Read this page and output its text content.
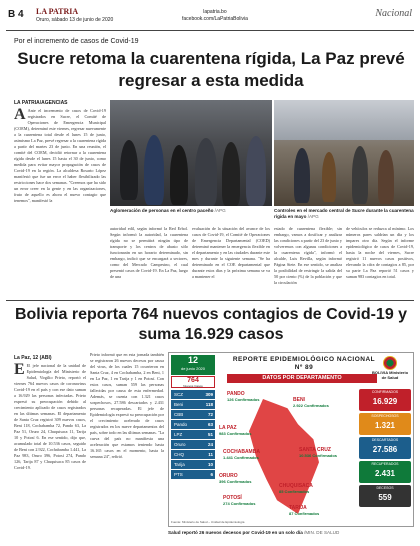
B 4 LA PATRIA
Oruro, sábado 13 de junio de 2020
lapatria.bo
facebook.com/LaPatriaBolivia	Nacional
Por el incremento de casos de Covid-19
Sucre retoma la cuarentena rígida, La Paz prevé regresar a esta medida
LA PATRIA/AGENCIAS
A Ante el incremento de casos de Covid-19 registrados en Sucre, el Comité de Operaciones de Emergencia Municipal (COEM), determinó este viernes, regresar nuevamente a la cuarentena total desde el lunes 15 de junio, asimismo La Paz, prevé regresar a la cuarentena rígida a partir del martes 23 de junio. En una reunión, el comité del COEM, decidió retornar a la cuarentena rígida desde el lunes 15 hasta el 30 de junio, como medida para evitar mayor propagación de casos de Covid-19 en la región. La alcaldesa Rosario López manifestó que fue un error el haber flexibilizado las restricciones hace dos semanas. "Creemos que ha sido un error creer en la gente y en las organizaciones, fruto de aquello es ahora el nuevo contagio que tenemos", manifestó la
Aglomeración de personas en el centro paceño /APG	Controles en el mercado central de Sucre durante la cuarentena rígida en mayo /APG
autoridad edil, según informó la Red Erbol. Según informó la autoridad, la cuarentena rígida no se permitirá ningún tipo de transporte y los centros de abasto sólo funcionarán en un horario determinado, sin embargo, indicó que se encargará a sectores, como del Mercado Campesino, el cual presentó casos de Covid-19. En La Paz, luego de una
evaluación de la situación del avance de los casos de Covid-19, el Comité de Operaciones de Emergencia Departamental (COED) determinó mantener la emergencia flexible en el departamento y en las ciudades durante este mes y durante la siguiente semana. "Se ha determinado en el COE departamental que durante estos días y la próxima semana se va a mantener el
estado de cuarentena flexible; sin embargo, vamos a dosificar y analizar las condiciones a partir del 23 de junio y volveremos con algunas condiciones a la cuarentena rígida", informó el alcalde, Luis Revilla, según informó Página Siete. En ese sentido, se analiza la posibilidad de restringir la salida del 50 por ciento (%) de la población y que la circulación
de vehículos se reduzca al mínimo. Los números pares saldrían un día y los impares otro día. Según el informe epidemiológico de casos de Covid-19, hasta la noche del viernes, Sucre registró 11 nuevos casos positivos, elevando la cifra de contagios a 85, por su parte La Paz reportó 51 casos y suman 983 contagios en total.
Bolivia reporta 764 nuevos contagios de Covid-19 y suma 16.929 casos
La Paz, 12 (ABI)
E El jefe nacional de la unidad de Epidemiología del Ministerio de Salud, Virgilio Prieto, reportó el viernes 764 nuevos casos de coronavirus Covid-19 en el país y con ese dato suman a 16.929 las personas infectadas. Prieto expresó su preocupación debido al crecimiento aplicado de casos registrados en las últimas semanas. El departamento de Santa Cruz registró 309 nuevos casos, Beni 118, Cochabamba 72, Pando 63, La Paz 51, Oruro 24, Chuquisaca 11, Tarija 10 y Potosí 6. En ese sentido, dijo que, acumulado total de 10.536 casos, seguido de Beni con 2.922, Cochabamba 1.441, La Paz 983, Oruro 396, Potosí 274, Pando 126, Tarija 87 y Chuquisaca 85 casos de Covid-19.
Prieto informó que en esta jornada también se registraron 26 nuevos decesos por causa del virus, de los cuales 15 ocurrieron en Santa Cruz, 4 en Cochabamba, 2 en Beni, 1 en La Paz, 1 en Tarija y 1 en Potosí. Con estos casos, suman 559 las personas fallecidas por causa de esta enfermedad. Además, se cuenta con 1.321 casos sospechosos, 27.586 descartados y 2.431 personas recuperadas. El jefe de Epidemiología expresó su preocupación por el crecimiento acelerado de casos registrados en los nueve departamentos del país, sobre todo en las últimas semanas. "La curva del país no manifiesta una aceleración que estamos teniendo hasta 16.165 casos en el momento, hasta la semana 24", refirió.
12
de junio 2020
764
Nuevos Casos
REPORTE EPIDEMIOLÓGICO NACIONAL Nº 89
DATOS POR DEPARTAMENTO
BOLIVIA Ministerio de Salud
SCZ	309
Beni	118
CBB	72
Pando	63
LPZ	51
Oruro	24
CHQ	11
Tarija	10
PTS	6
PANDO
126 Confirmados	BENI
2.922 Confirmados
LA PAZ
983 Confirmados
COCHABAMBA
1.441 Confirmados
SANTA CRUZ
10.536 Confirmados
ORURO
396 Confirmados
CHUQUISACA
85 Confirmados
POTOSÍ
274 Confirmados
TARIJA
87 Confirmados
CONFIRMADOS
16.929
SOSPECHOSOS
1.321
DESCARTADOS
27.586
RECUPERADOS
2.431
DECESOS
559
Fuente: Ministerio de Salud – Unidad de Epidemiología
Salud reportó 26 nuevos decesos por Covid-19 en un solo día /MIN. DE SALUD
